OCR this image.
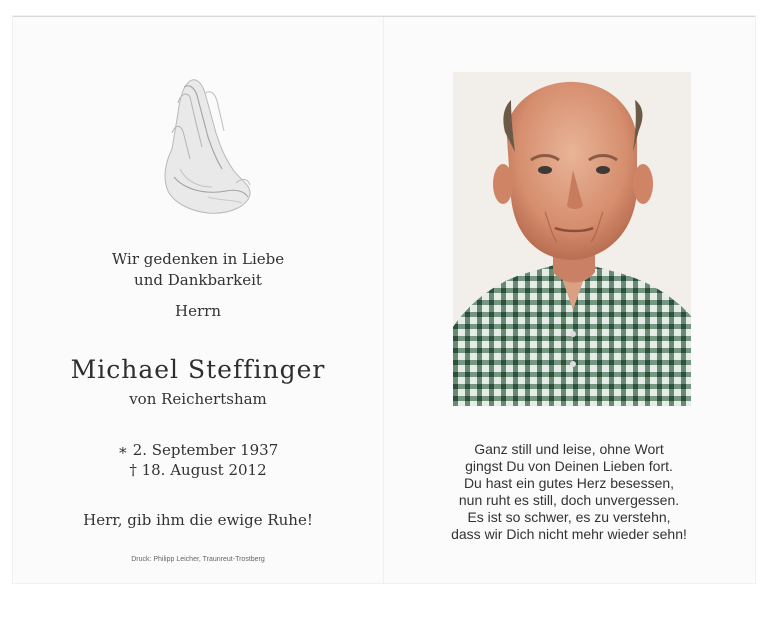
Wir gedenken in Liebe
und Dankbarkeit
Herrn
Michael Steffinger
von Reichertsham
∗ 2. September 1937
† 18. August 2012
Herr, gib ihm die ewige Ruhe!
Druck: Philipp Leicher, Traunreut-Trostberg
Ganz still und leise, ohne Wort
gingst Du von Deinen Lieben fort.
Du hast ein gutes Herz besessen,
nun ruht es still, doch unvergessen.
Es ist so schwer, es zu verstehn,
dass wir Dich nicht mehr wieder sehn!
